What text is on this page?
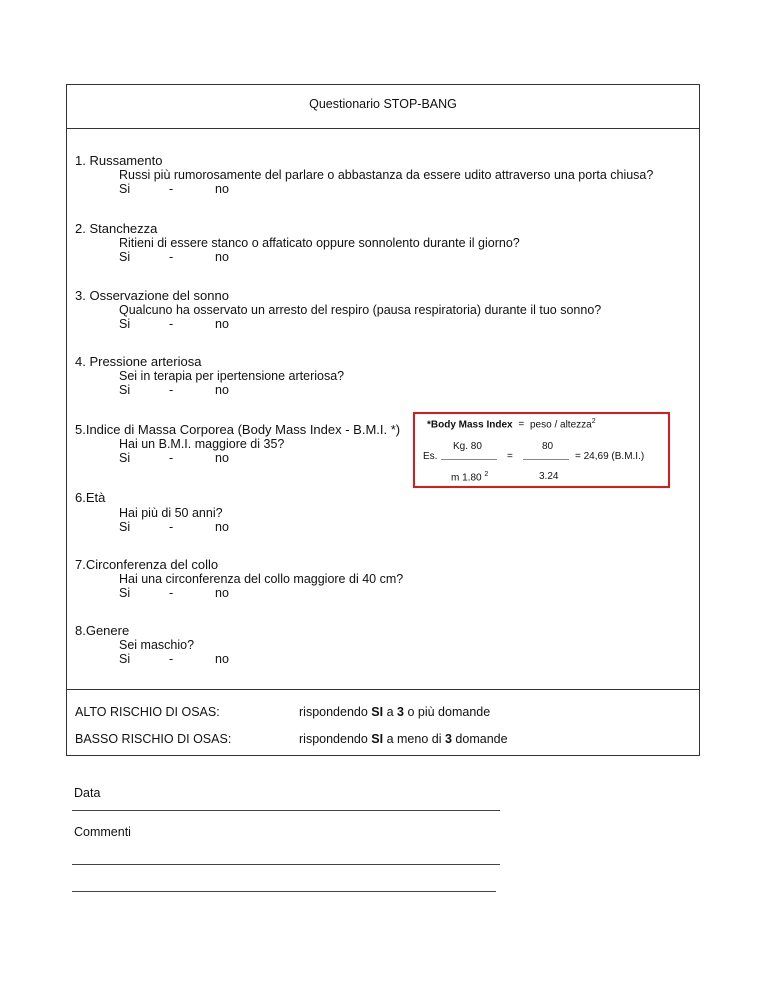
Questionario STOP-BANG
1. Russamento
Russi più rumorosamente del parlare o abbastanza da essere udito attraverso una porta chiusa?
Si	-	no
2. Stanchezza
Ritieni di essere stanco o affaticato oppure sonnolento durante il giorno?
Si	-	no
3. Osservazione del sonno
Qualcuno ha osservato un arresto del respiro (pausa respiratoria) durante il tuo sonno?
Si	-	no
4. Pressione arteriosa
Sei in terapia per ipertensione arteriosa?
Si	-	no
5.Indice di Massa Corporea (Body Mass Index - B.M.I. *)
Hai un B.M.I. maggiore di 35?
Si	-	no
*Body Mass Index = peso / altezza$^2$
Kg. 80	80
Es.	=	= 24,69 (B.M.I.)
m 1.80 $^2$	3.24
6.Età
Hai più di 50 anni?
Si	-	no
7.Circonferenza del collo
Hai una circonferenza del collo maggiore di 40 cm?
Si	-	no
8.Genere
Sei maschio?
Si	-	no
ALTO RISCHIO DI OSAS:	rispondendo SI a 3 o più domande
BASSO RISCHIO DI OSAS:	rispondendo SI a meno di 3 domande
Data
Commenti
